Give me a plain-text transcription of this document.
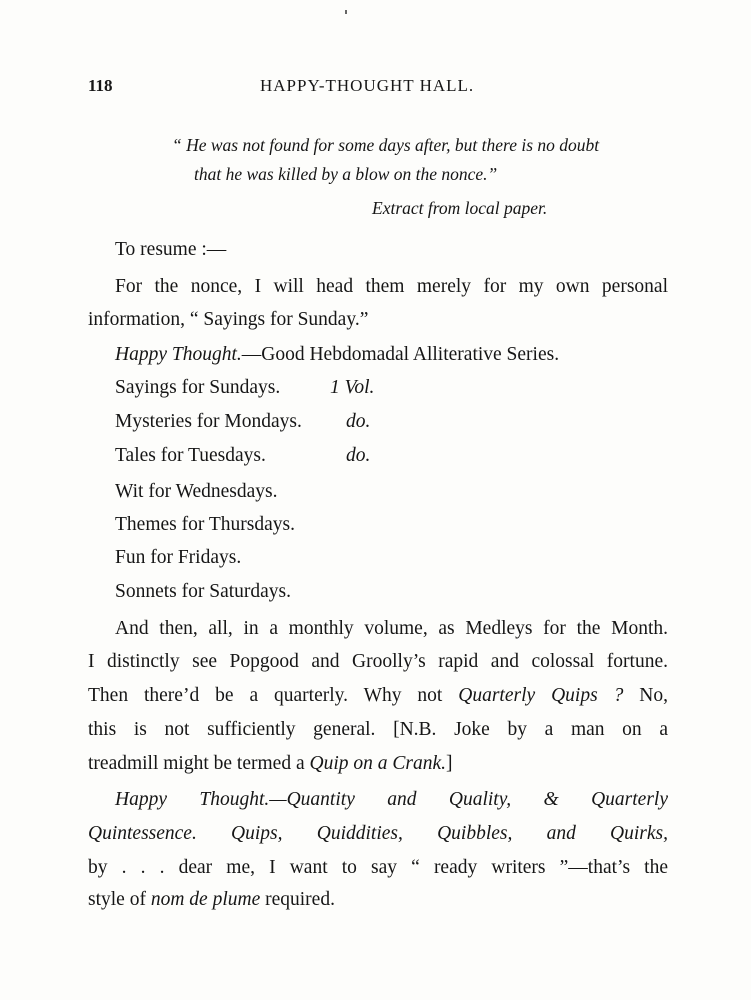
118	HAPPY-THOUGHT HALL.
“ He was not found for some days after, but there is no doubt
that he was killed by a blow on the nonce.”
Extract from local paper.
To resume :—
For the nonce, I will head them merely for my own personal
information, “ Sayings for Sunday.”
Happy Thought.—Good Hebdomadal Alliterative Series.
Sayings for Sundays.	1 Vol.
Mysteries for Mondays. do.
Tales for Tuesdays.	do.
Wit for Wednesdays.
Themes for Thursdays.
Fun for Fridays.
Sonnets for Saturdays.
And then, all, in a monthly volume, as Medleys for the Month.
I distinctly see Popgood and Groolly’s rapid and colossal fortune.
Then there’d be a quarterly. Why not Quarterly Quips ? No,
this is not sufficiently general. [N.B. Joke by a man on a
treadmill might be termed a Quip on a Crank.]
Happy Thought.—Quantity and Quality, & Quarterly
Quintessence. Quips, Quiddities, Quibbles, and Quirks,
by . . . dear me, I want to say “ ready writers ”—that’s the
style of nom de plume required.
